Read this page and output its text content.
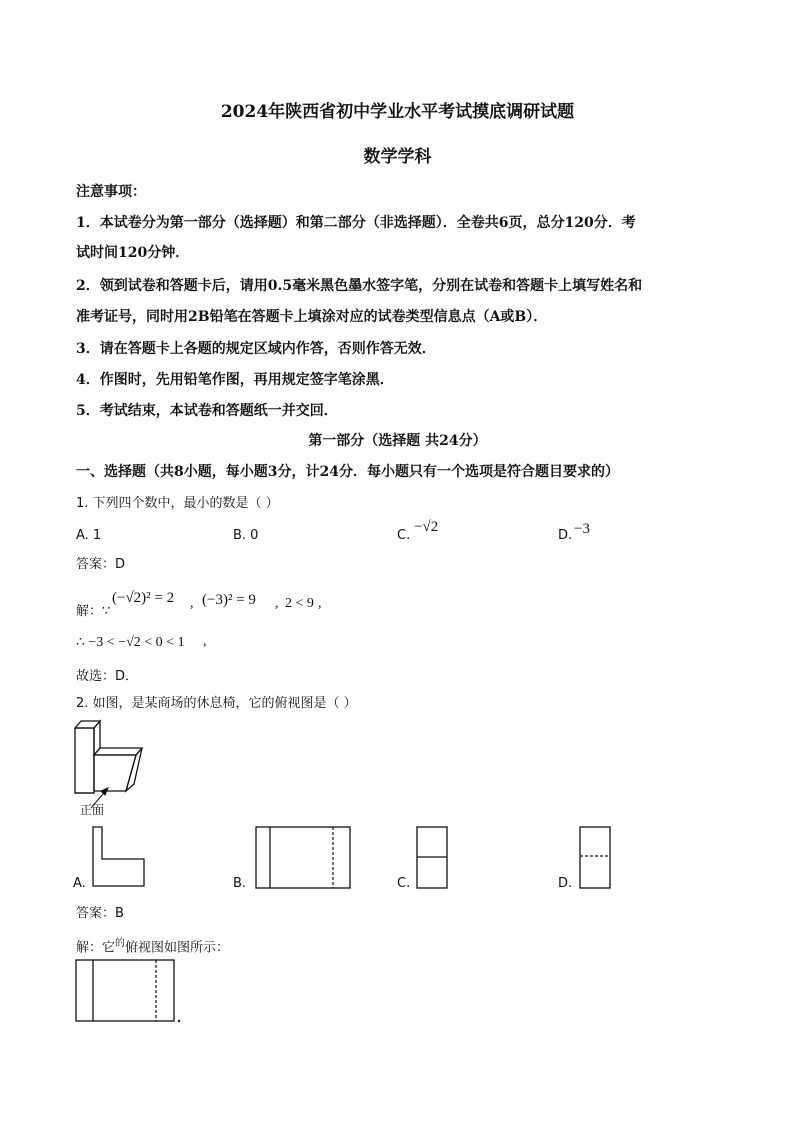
2024年陕西省初中学业水平考试摸底调研试题
数学学科
注意事项：
1．本试卷分为第一部分（选择题）和第二部分（非选择题）．全卷共6页，总分120分．考
试时间120分钟．
2．领到试卷和答题卡后，请用0.5毫米黑色墨水签字笔，分别在试卷和答题卡上填写姓名和
准考证号，同时用2B铅笔在答题卡上填涂对应的试卷类型信息点（A或B）．
3．请在答题卡上各题的规定区域内作答，否则作答无效．
4．作图时，先用铅笔作图，再用规定签字笔涂黑．
5．考试结束，本试卷和答题纸一并交回．
第一部分（选择题 共24分）
一、选择题（共8小题，每小题3分，计24分．每小题只有一个选项是符合题目要求的）
1. 下列四个数中，最小的数是（ ）
A. 1	B. 0	C.
−√2
D. −3
答案：D
解：∵
(−√2)² = 2 , (−3)² = 9 , 2 < 9 ,
∴ −3 < −√2 < 0 < 1 ,
故选：D．
2. 如图，是某商场的休息椅，它的俯视图是（ ）
正面
A.	B.	C.	D.
答案：B
解：它$^的$俯视图如图所示：
